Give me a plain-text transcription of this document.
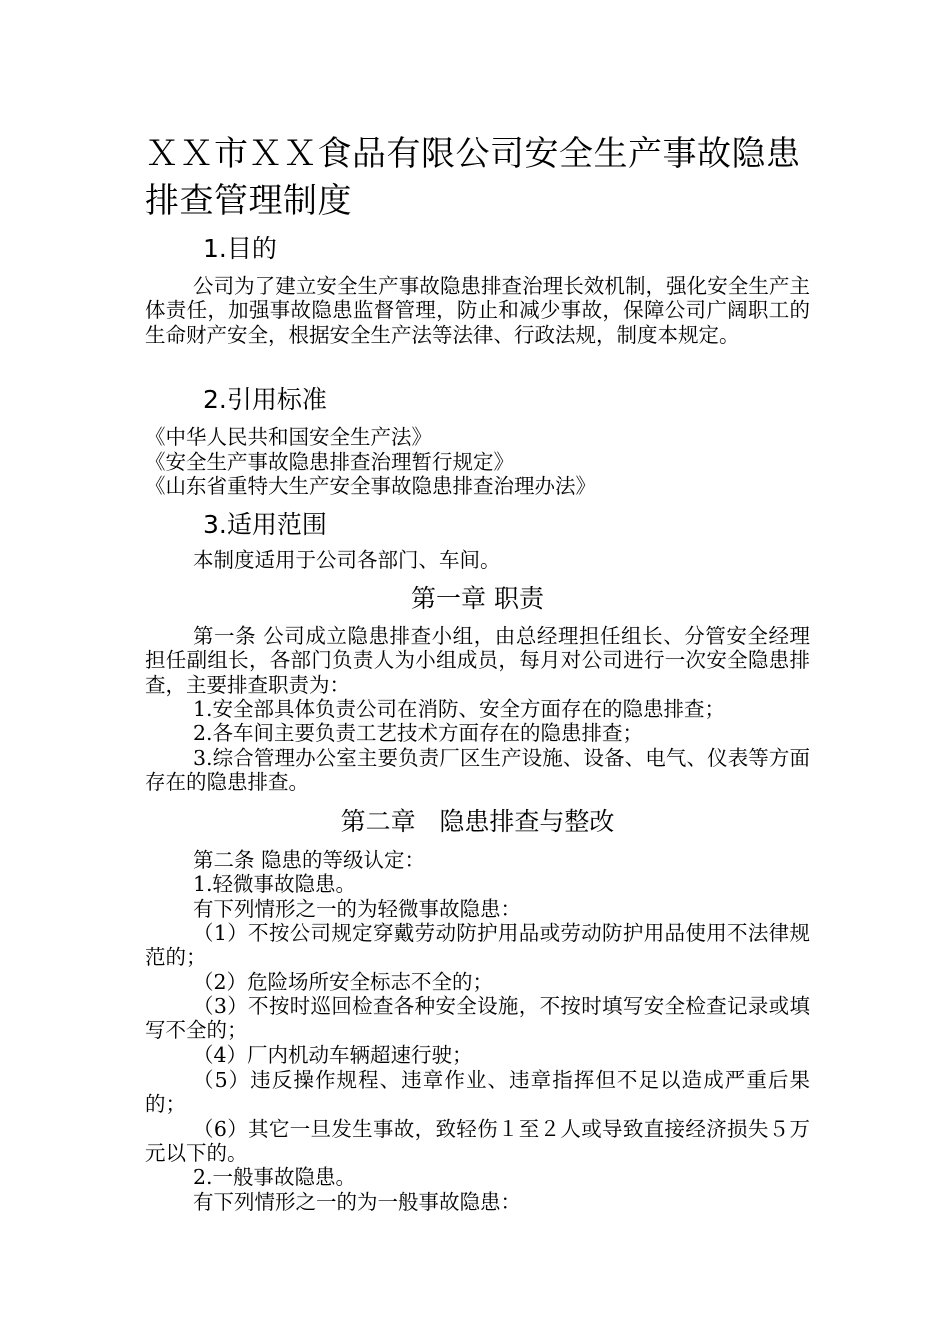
ＸＸ市ＸＸ食品有限公司安全生产事故隐患排查管理制度
1.目的

公司为了建立安全生产事故隐患排查治理长效机制，强化安全生产主体责任，加强事故隐患监督管理，防止和减少事故，保障公司广阔职工的生命财产安全，根据安全生产法等法律、行政法规，制度本规定。

2.引用标准

《中华人民共和国安全生产法》

《安全生产事故隐患排查治理暂行规定》

《山东省重特大生产安全事故隐患排查治理办法》

3.适用范围

本制度适用于公司各部门、车间。

第一章 职责

第一条 公司成立隐患排查小组，由总经理担任组长、分管安全经理担任副组长，各部门负责人为小组成员，每月对公司进行一次安全隐患排查，主要排查职责为：

1.安全部具体负责公司在消防、安全方面存在的隐患排查；

2.各车间主要负责工艺技术方面存在的隐患排查；

3.综合管理办公室主要负责厂区生产设施、设备、电气、仪表等方面存在的隐患排查。

第二章   隐患排查与整改

第二条 隐患的等级认定：

1.轻微事故隐患。

有下列情形之一的为轻微事故隐患：

（1）不按公司规定穿戴劳动防护用品或劳动防护用品使用不法律规范的；

（2）危险场所安全标志不全的；

（3）不按时巡回检查各种安全设施，不按时填写安全检查记录或填写不全的；

（4）厂内机动车辆超速行驶；

（5）违反操作规程、违章作业、违章指挥但不足以造成严重后果的；

（6）其它一旦发生事故，致轻伤１至２人或导致直接经济损失５万元以下的。

2.一般事故隐患。

有下列情形之一的为一般事故隐患：
